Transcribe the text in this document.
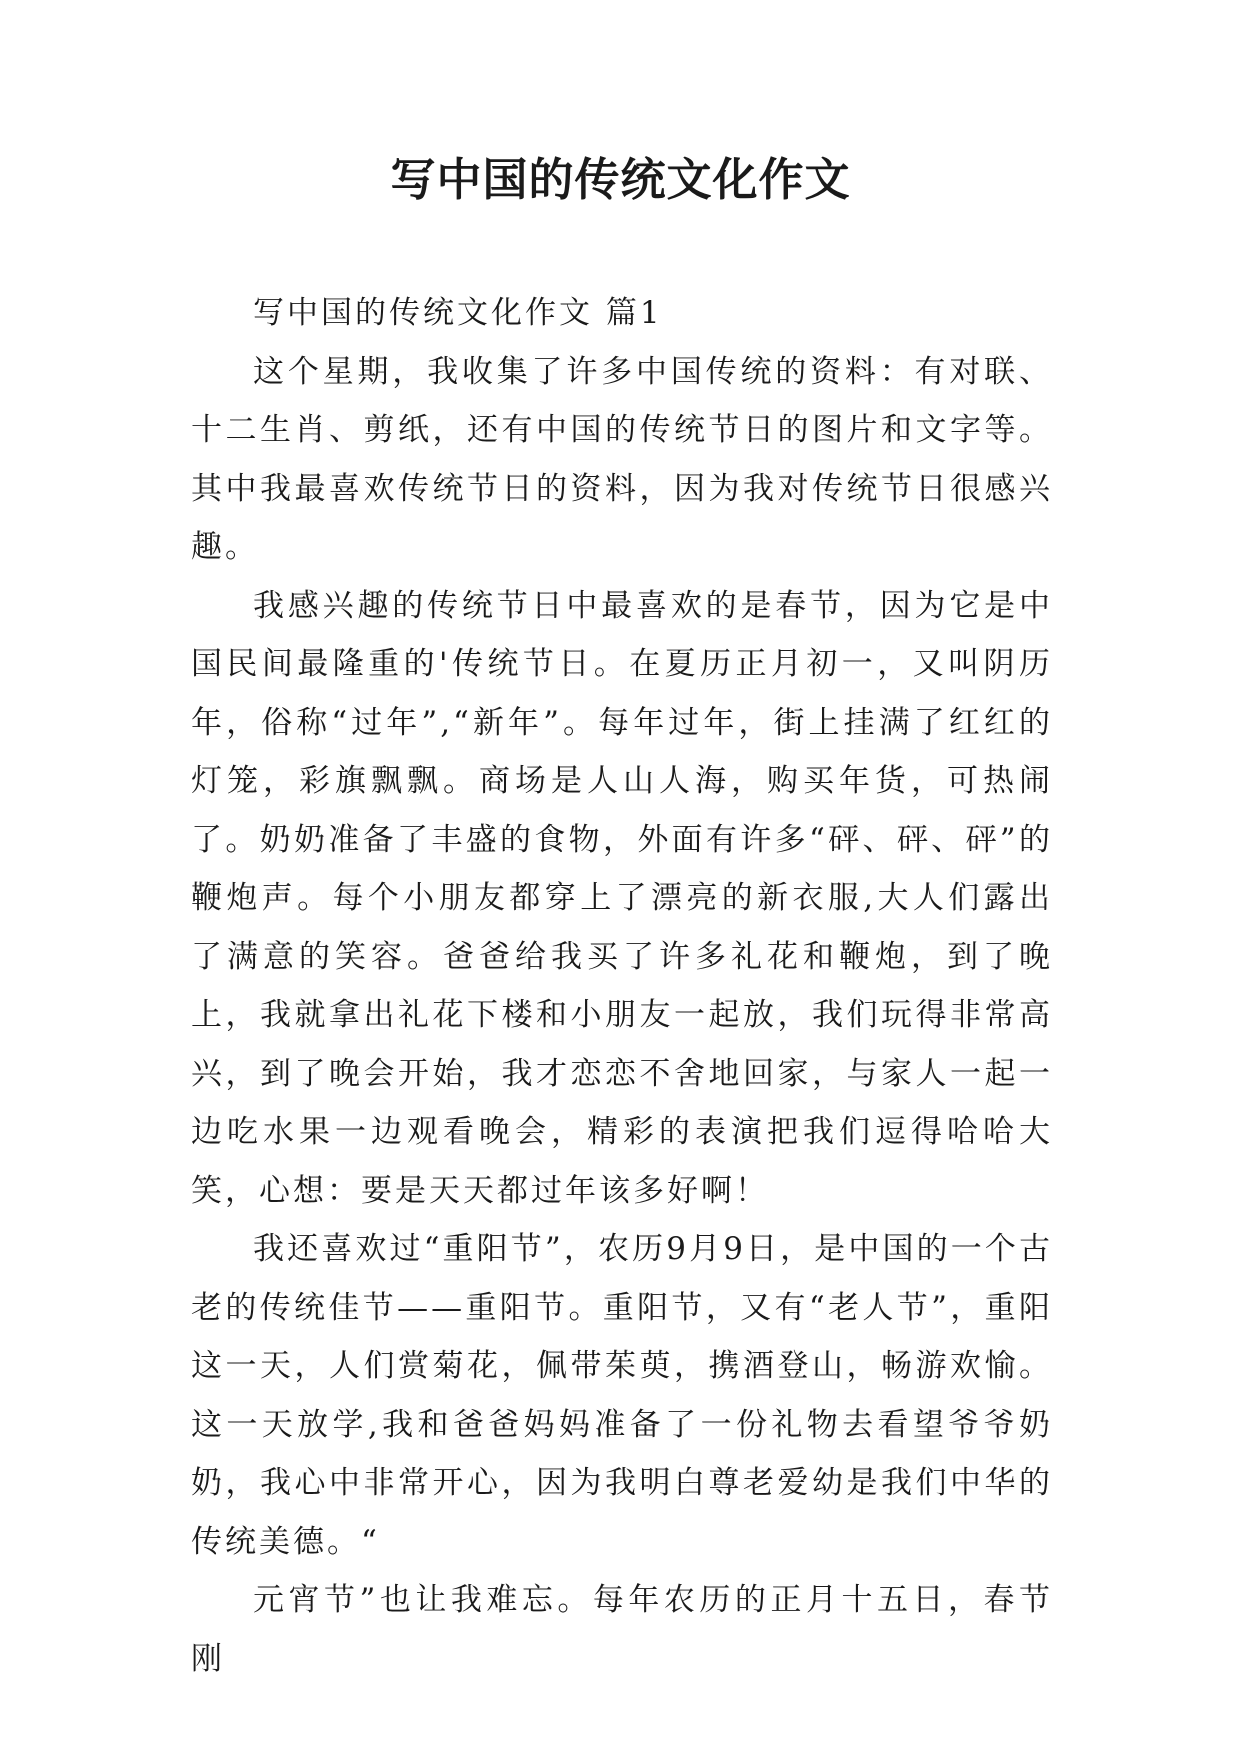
写中国的传统文化作文

写中国的传统文化作文 篇1

这个星期，我收集了许多中国传统的资料：有对联、十二生肖、剪纸，还有中国的传统节日的图片和文字等。其中我最喜欢传统节日的资料，因为我对传统节日很感兴趣。

我感兴趣的传统节日中最喜欢的是春节，因为它是中国民间最隆重的'传统节日。在夏历正月初一，又叫阴历年，俗称“过年”,“新年”。每年过年，街上挂满了红红的灯笼，彩旗飘飘。商场是人山人海，购买年货，可热闹了。奶奶准备了丰盛的食物，外面有许多“砰、砰、砰”的鞭炮声。每个小朋友都穿上了漂亮的新衣服,大人们露出了满意的笑容。爸爸给我买了许多礼花和鞭炮，到了晚上，我就拿出礼花下楼和小朋友一起放，我们玩得非常高兴，到了晚会开始，我才恋恋不舍地回家，与家人一起一边吃水果一边观看晚会，精彩的表演把我们逗得哈哈大笑，心想：要是天天都过年该多好啊！

我还喜欢过“重阳节”，农历9月9日，是中国的一个古老的传统佳节——重阳节。重阳节，又有“老人节”，重阳这一天，人们赏菊花，佩带茱萸，携酒登山，畅游欢愉。这一天放学,我和爸爸妈妈准备了一份礼物去看望爷爷奶奶，我心中非常开心，因为我明白尊老爱幼是我们中华的传统美德。“

元宵节”也让我难忘。每年农历的正月十五日，春节刚
